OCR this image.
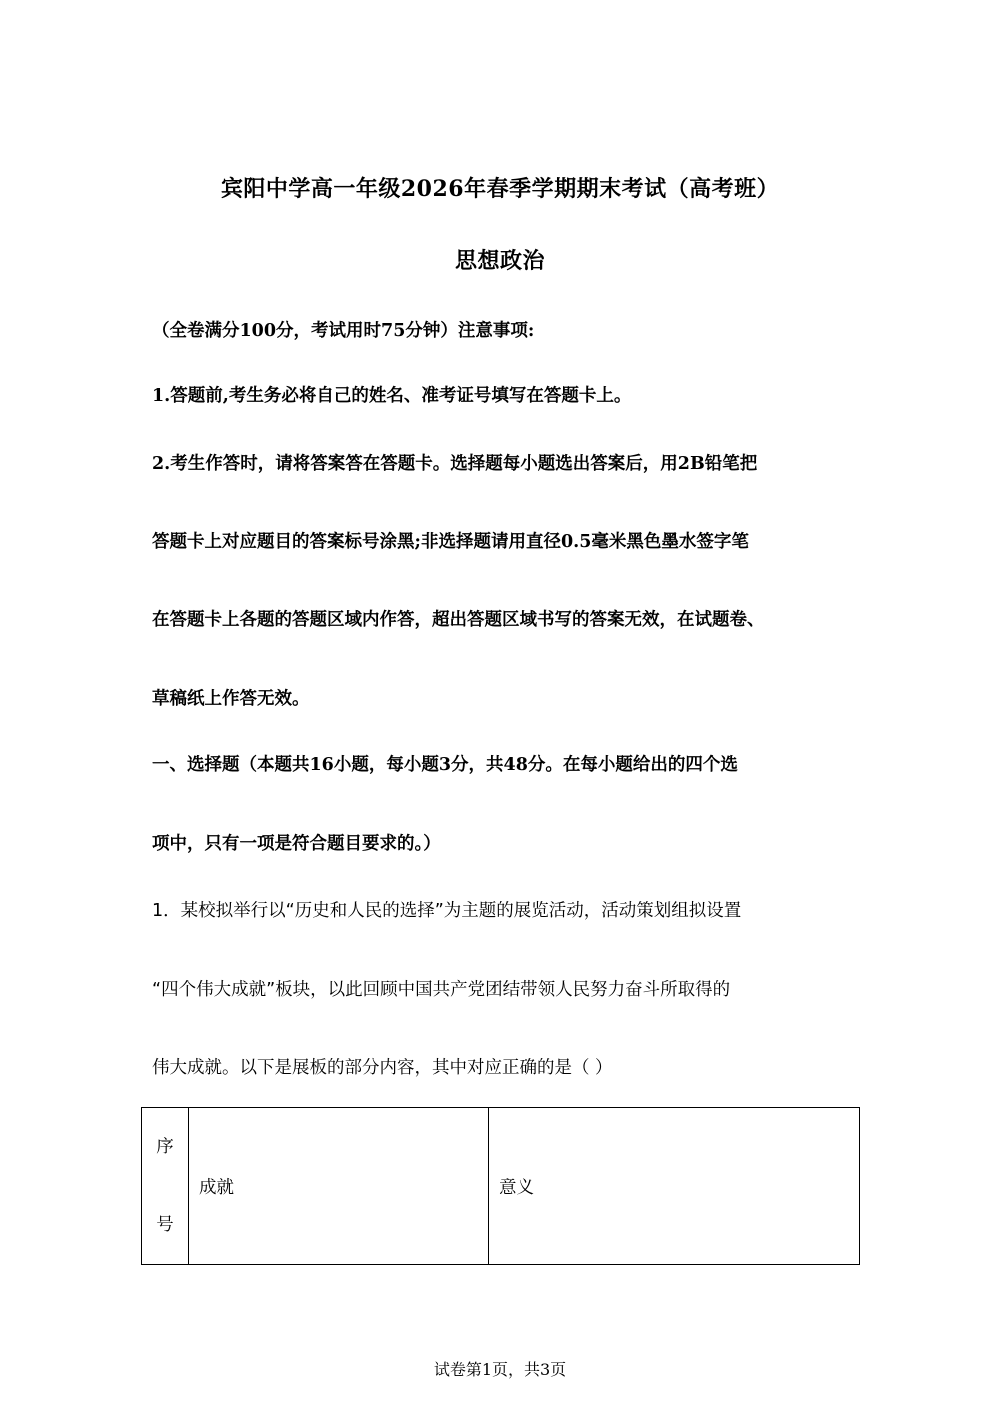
宾阳中学高一年级2026年春季学期期末考试（高考班）
思想政治
（全卷满分100分，考试用时75分钟）注意事项:
1.答题前,考生务必将自己的姓名、准考证号填写在答题卡上。
2.考生作答时，请将答案答在答题卡。选择题每小题选出答案后，用2B铅笔把
答题卡上对应题目的答案标号涂黑;非选择题请用直径0.5毫米黑色墨水签字笔
在答题卡上各题的答题区域内作答，超出答题区域书写的答案无效，在试题卷、
草稿纸上作答无效。
一、选择题（本题共16小题，每小题3分，共48分。在每小题给出的四个选
项中，只有一项是符合题目要求的。）
1．某校拟举行以“历史和人民的选择”为主题的展览活动，活动策划组拟设置
“四个伟大成就”板块，以此回顾中国共产党团结带领人民努力奋斗所取得的
伟大成就。以下是展板的部分内容，其中对应正确的是（ ）
序
号
	成就	意义
试卷第1页，共3页
